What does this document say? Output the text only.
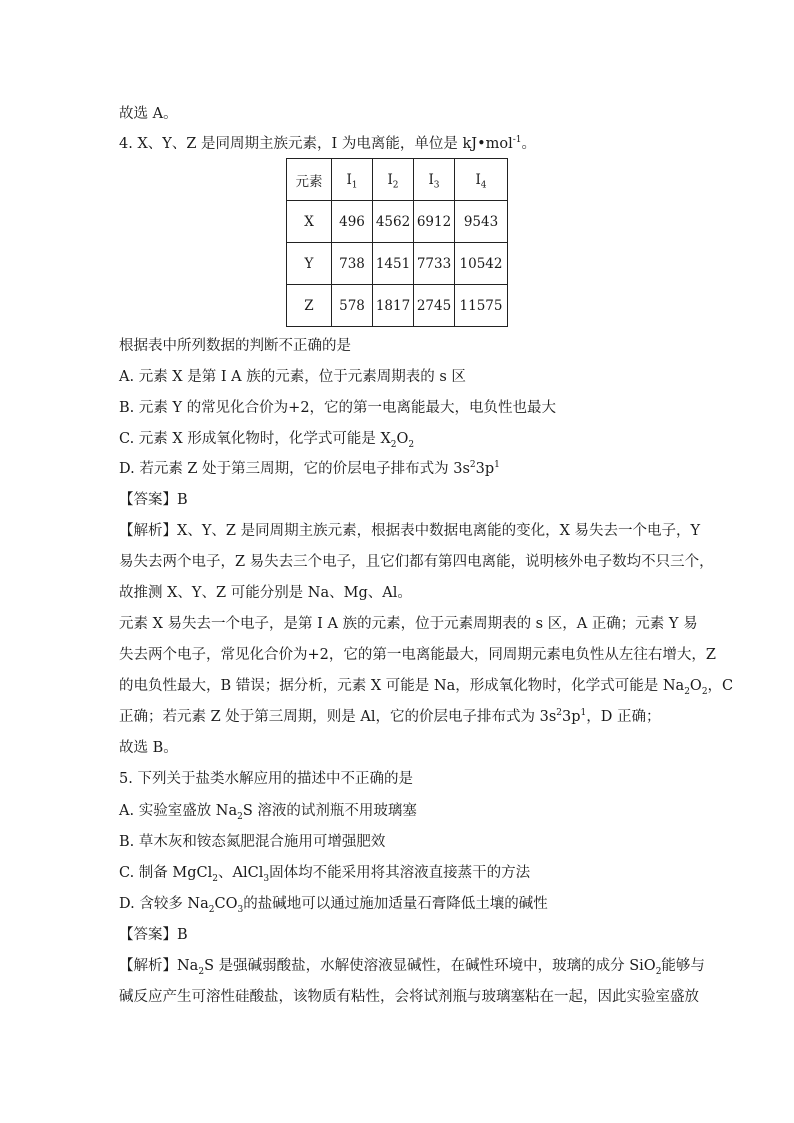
故选 A。
4. X、Y、Z 是同周期主族元素，I 为电离能，单位是 kJ•mol$^{-1}$。
元素	$I_1$	$I_2$	$I_3$	$I_4$
X	496	4562	6912	9543
Y	738	1451	7733	10542
Z	578	1817	2745	11575
根据表中所列数据的判断不正确的是
A. 元素 X 是第 I A 族的元素，位于元素周期表的 s 区
B. 元素 Y 的常见化合价为+2，它的第一电离能最大，电负性也最大
C. 元素 X 形成氧化物时，化学式可能是 $X_2O_2$
D. 若元素 Z 处于第三周期，它的价层电子排布式为 $3s^23p^1$
【答案】B
【解析】X、Y、Z 是同周期主族元素，根据表中数据电离能的变化，X 易失去一个电子，Y
易失去两个电子，Z 易失去三个电子，且它们都有第四电离能，说明核外电子数均不只三个，
故推测 X、Y、Z 可能分别是 Na、Mg、Al。
元素 X 易失去一个电子，是第 I A 族的元素，位于元素周期表的 s 区，A 正确；元素 Y 易
失去两个电子，常见化合价为+2，它的第一电离能最大，同周期元素电负性从左往右增大，Z
的电负性最大，B 错误；据分析，元素 X 可能是 Na，形成氧化物时，化学式可能是 $Na_2O_2$，C
正确；若元素 Z 处于第三周期，则是 Al，它的价层电子排布式为 $3s^23p^1$，D 正确；
故选 B。
5. 下列关于盐类水解应用的描述中不正确的是
A. 实验室盛放 $Na_2S$ 溶液的试剂瓶不用玻璃塞
B. 草木灰和铵态氮肥混合施用可增强肥效
C. 制备 MgCl$_2$、AlCl$_3$固体均不能采用将其溶液直接蒸干的方法
D. 含较多 $Na_2CO_3$的盐碱地可以通过施加适量石膏降低土壤的碱性
【答案】B
【解析】$Na_2S$ 是强碱弱酸盐，水解使溶液显碱性，在碱性环境中，玻璃的成分 SiO$_2$能够与
碱反应产生可溶性硅酸盐，该物质有粘性，会将试剂瓶与玻璃塞粘在一起，因此实验室盛放
